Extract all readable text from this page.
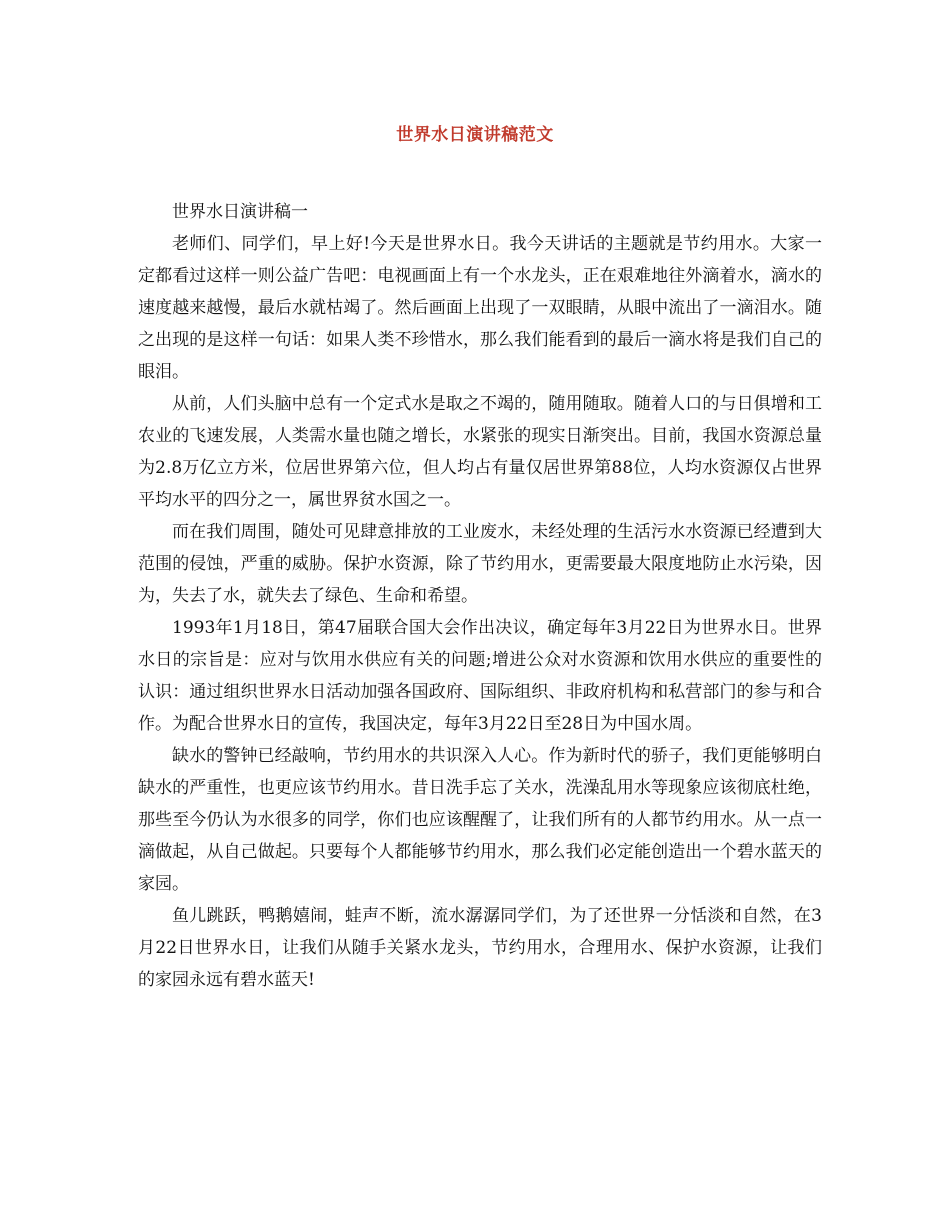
世界水日演讲稿范文

世界水日演讲稿一

老师们、同学们，早上好!今天是世界水日。我今天讲话的主题就是节约用水。大家一定都看过这样一则公益广告吧：电视画面上有一个水龙头，正在艰难地往外滴着水，滴水的速度越来越慢，最后水就枯竭了。然后画面上出现了一双眼睛，从眼中流出了一滴泪水。随之出现的是这样一句话：如果人类不珍惜水，那么我们能看到的最后一滴水将是我们自己的眼泪。

从前，人们头脑中总有一个定式水是取之不竭的，随用随取。随着人口的与日俱增和工农业的飞速发展，人类需水量也随之增长，水紧张的现实日渐突出。目前，我国水资源总量为2.8万亿立方米，位居世界第六位，但人均占有量仅居世界第88位，人均水资源仅占世界平均水平的四分之一，属世界贫水国之一。

而在我们周围，随处可见肆意排放的工业废水，未经处理的生活污水水资源已经遭到大范围的侵蚀，严重的威胁。保护水资源，除了节约用水，更需要最大限度地防止水污染，因为，失去了水，就失去了绿色、生命和希望。

1993年1月18日，第47届联合国大会作出决议，确定每年3月22日为世界水日。世界水日的宗旨是：应对与饮用水供应有关的问题;增进公众对水资源和饮用水供应的重要性的认识：通过组织世界水日活动加强各国政府、国际组织、非政府机构和私营部门的参与和合作。为配合世界水日的宣传，我国决定，每年3月22日至28日为中国水周。

缺水的警钟已经敲响，节约用水的共识深入人心。作为新时代的骄子，我们更能够明白缺水的严重性，也更应该节约用水。昔日洗手忘了关水，洗澡乱用水等现象应该彻底杜绝，那些至今仍认为水很多的同学，你们也应该醒醒了，让我们所有的人都节约用水。从一点一滴做起，从自己做起。只要每个人都能够节约用水，那么我们必定能创造出一个碧水蓝天的家园。

鱼儿跳跃，鸭鹅嬉闹，蛙声不断，流水潺潺同学们，为了还世界一分恬淡和自然，在3月22日世界水日，让我们从随手关紧水龙头，节约用水，合理用水、保护水资源，让我们的家园永远有碧水蓝天!
